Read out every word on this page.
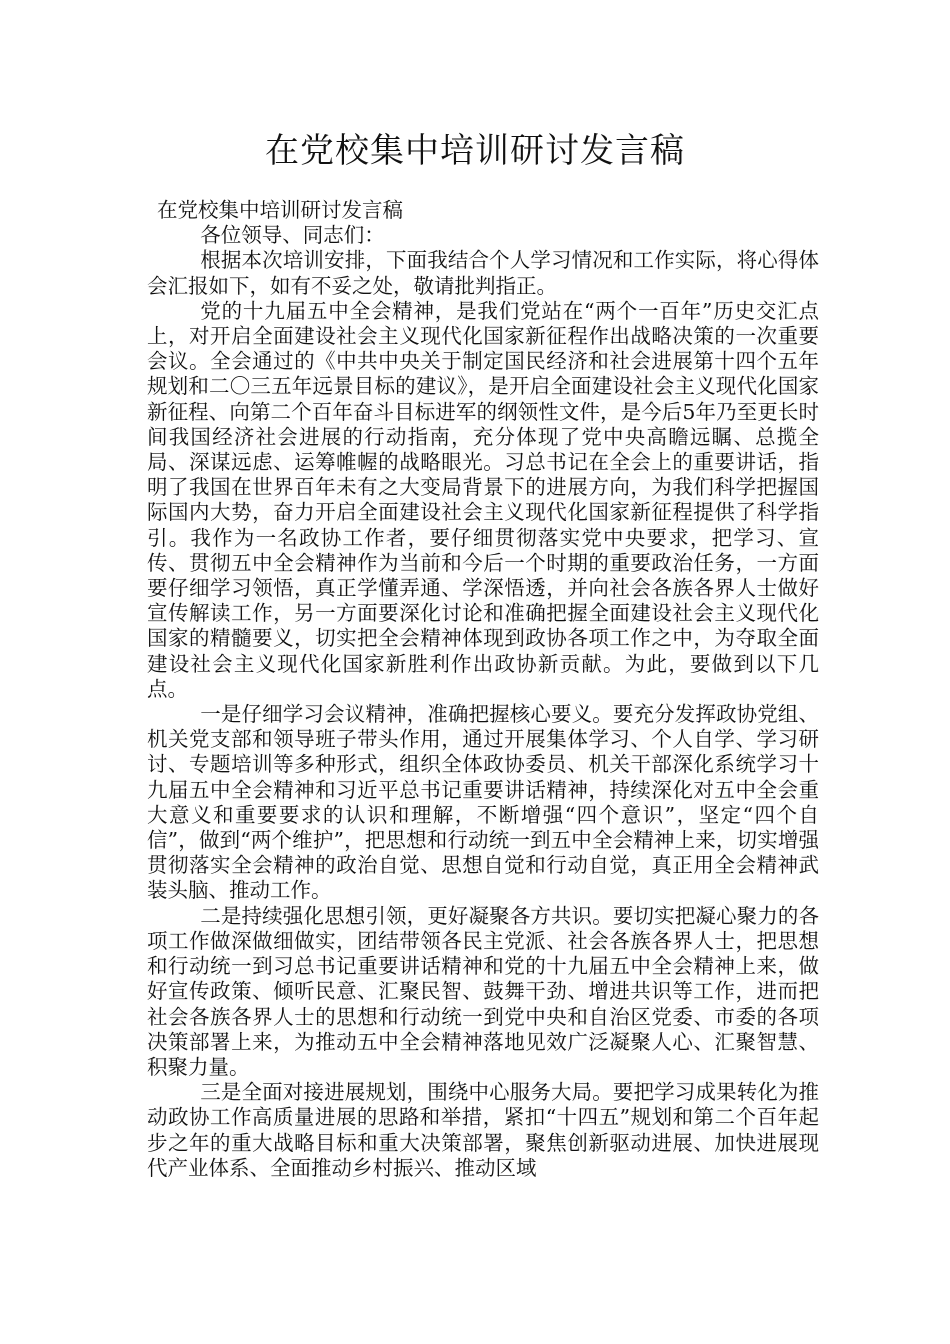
在党校集中培训研讨发言稿

在党校集中培训研讨发言稿

各位领导、同志们：

根据本次培训安排，下面我结合个人学习情况和工作实际，将心得体会汇报如下，如有不妥之处，敬请批判指正。

党的十九届五中全会精神，是我们党站在“两个一百年”历史交汇点上，对开启全面建设社会主义现代化国家新征程作出战略决策的一次重要会议。全会通过的《中共中央关于制定国民经济和社会进展第十四个五年规划和二〇三五年远景目标的建议》，是开启全面建设社会主义现代化国家新征程、向第二个百年奋斗目标进军的纲领性文件，是今后5年乃至更长时间我国经济社会进展的行动指南，充分体现了党中央高瞻远瞩、总揽全局、深谋远虑、运筹帷幄的战略眼光。习总书记在全会上的重要讲话，指明了我国在世界百年未有之大变局背景下的进展方向，为我们科学把握国际国内大势，奋力开启全面建设社会主义现代化国家新征程提供了科学指引。我作为一名政协工作者，要仔细贯彻落实党中央要求，把学习、宣传、贯彻五中全会精神作为当前和今后一个时期的重要政治任务，一方面要仔细学习领悟，真正学懂弄通、学深悟透，并向社会各族各界人士做好宣传解读工作，另一方面要深化讨论和准确把握全面建设社会主义现代化国家的精髓要义，切实把全会精神体现到政协各项工作之中，为夺取全面建设社会主义现代化国家新胜利作出政协新贡献。为此，要做到以下几点。

一是仔细学习会议精神，准确把握核心要义。要充分发挥政协党组、机关党支部和领导班子带头作用，通过开展集体学习、个人自学、学习研讨、专题培训等多种形式，组织全体政协委员、机关干部深化系统学习十九届五中全会精神和习近平总书记重要讲话精神，持续深化对五中全会重大意义和重要要求的认识和理解，不断增强“四个意识”，坚定“四个自信”，做到“两个维护”，把思想和行动统一到五中全会精神上来，切实增强贯彻落实全会精神的政治自觉、思想自觉和行动自觉，真正用全会精神武装头脑、推动工作。

二是持续强化思想引领，更好凝聚各方共识。要切实把凝心聚力的各项工作做深做细做实，团结带领各民主党派、社会各族各界人士，把思想和行动统一到习总书记重要讲话精神和党的十九届五中全会精神上来，做好宣传政策、倾听民意、汇聚民智、鼓舞干劲、增进共识等工作，进而把社会各族各界人士的思想和行动统一到党中央和自治区党委、市委的各项决策部署上来，为推动五中全会精神落地见效广泛凝聚人心、汇聚智慧、积聚力量。

三是全面对接进展规划，围绕中心服务大局。要把学习成果转化为推动政协工作高质量进展的思路和举措，紧扣“十四五”规划和第二个百年起步之年的重大战略目标和重大决策部署，聚焦创新驱动进展、加快进展现代产业体系、全面推动乡村振兴、推动区域
